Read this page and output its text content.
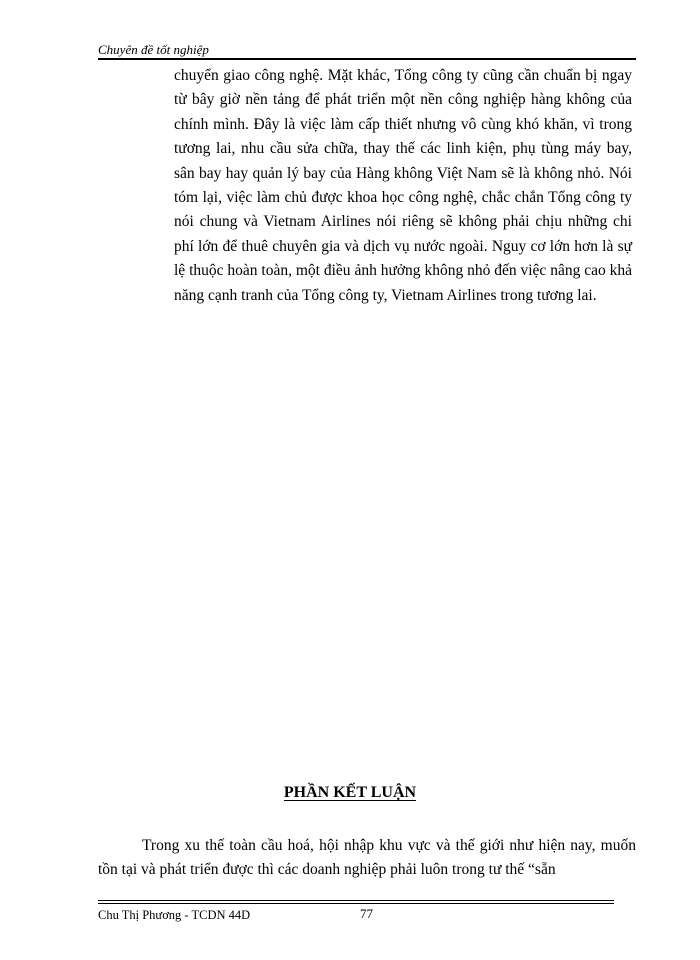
Chuyên đề tốt nghiệp
chuyển giao công nghệ. Mặt khác, Tổng công ty cũng cần chuẩn bị ngay từ bây giờ nền tảng để phát triển một nền công nghiệp hàng không của chính mình. Đây là việc làm cấp thiết nhưng vô cùng khó khăn, vì trong tương lai, nhu cầu sửa chữa, thay thế các linh kiện, phụ tùng máy bay, sân bay hay quản lý bay của Hàng không Việt Nam sẽ là không nhỏ. Nói tóm lại, việc làm chủ được khoa học công nghệ, chắc chắn Tổng công ty nói chung và Vietnam Airlines nói riêng sẽ không phải chịu những chi phí lớn để thuê chuyên gia và dịch vụ nước ngoài. Nguy cơ lớn hơn là sự lệ thuộc hoàn toàn, một điều ảnh hưởng không nhỏ đến việc nâng cao khả năng cạnh tranh của Tổng công ty, Vietnam Airlines trong tương lai.
PHẦN KẾT LUẬN
Trong xu thế toàn cầu hoá, hội nhập khu vực và thế giới như hiện nay, muốn tồn tại và phát triển được thì các doanh nghiệp phải luôn trong tư thế “sẵn
Chu Thị Phương - TCDN 44D	77
